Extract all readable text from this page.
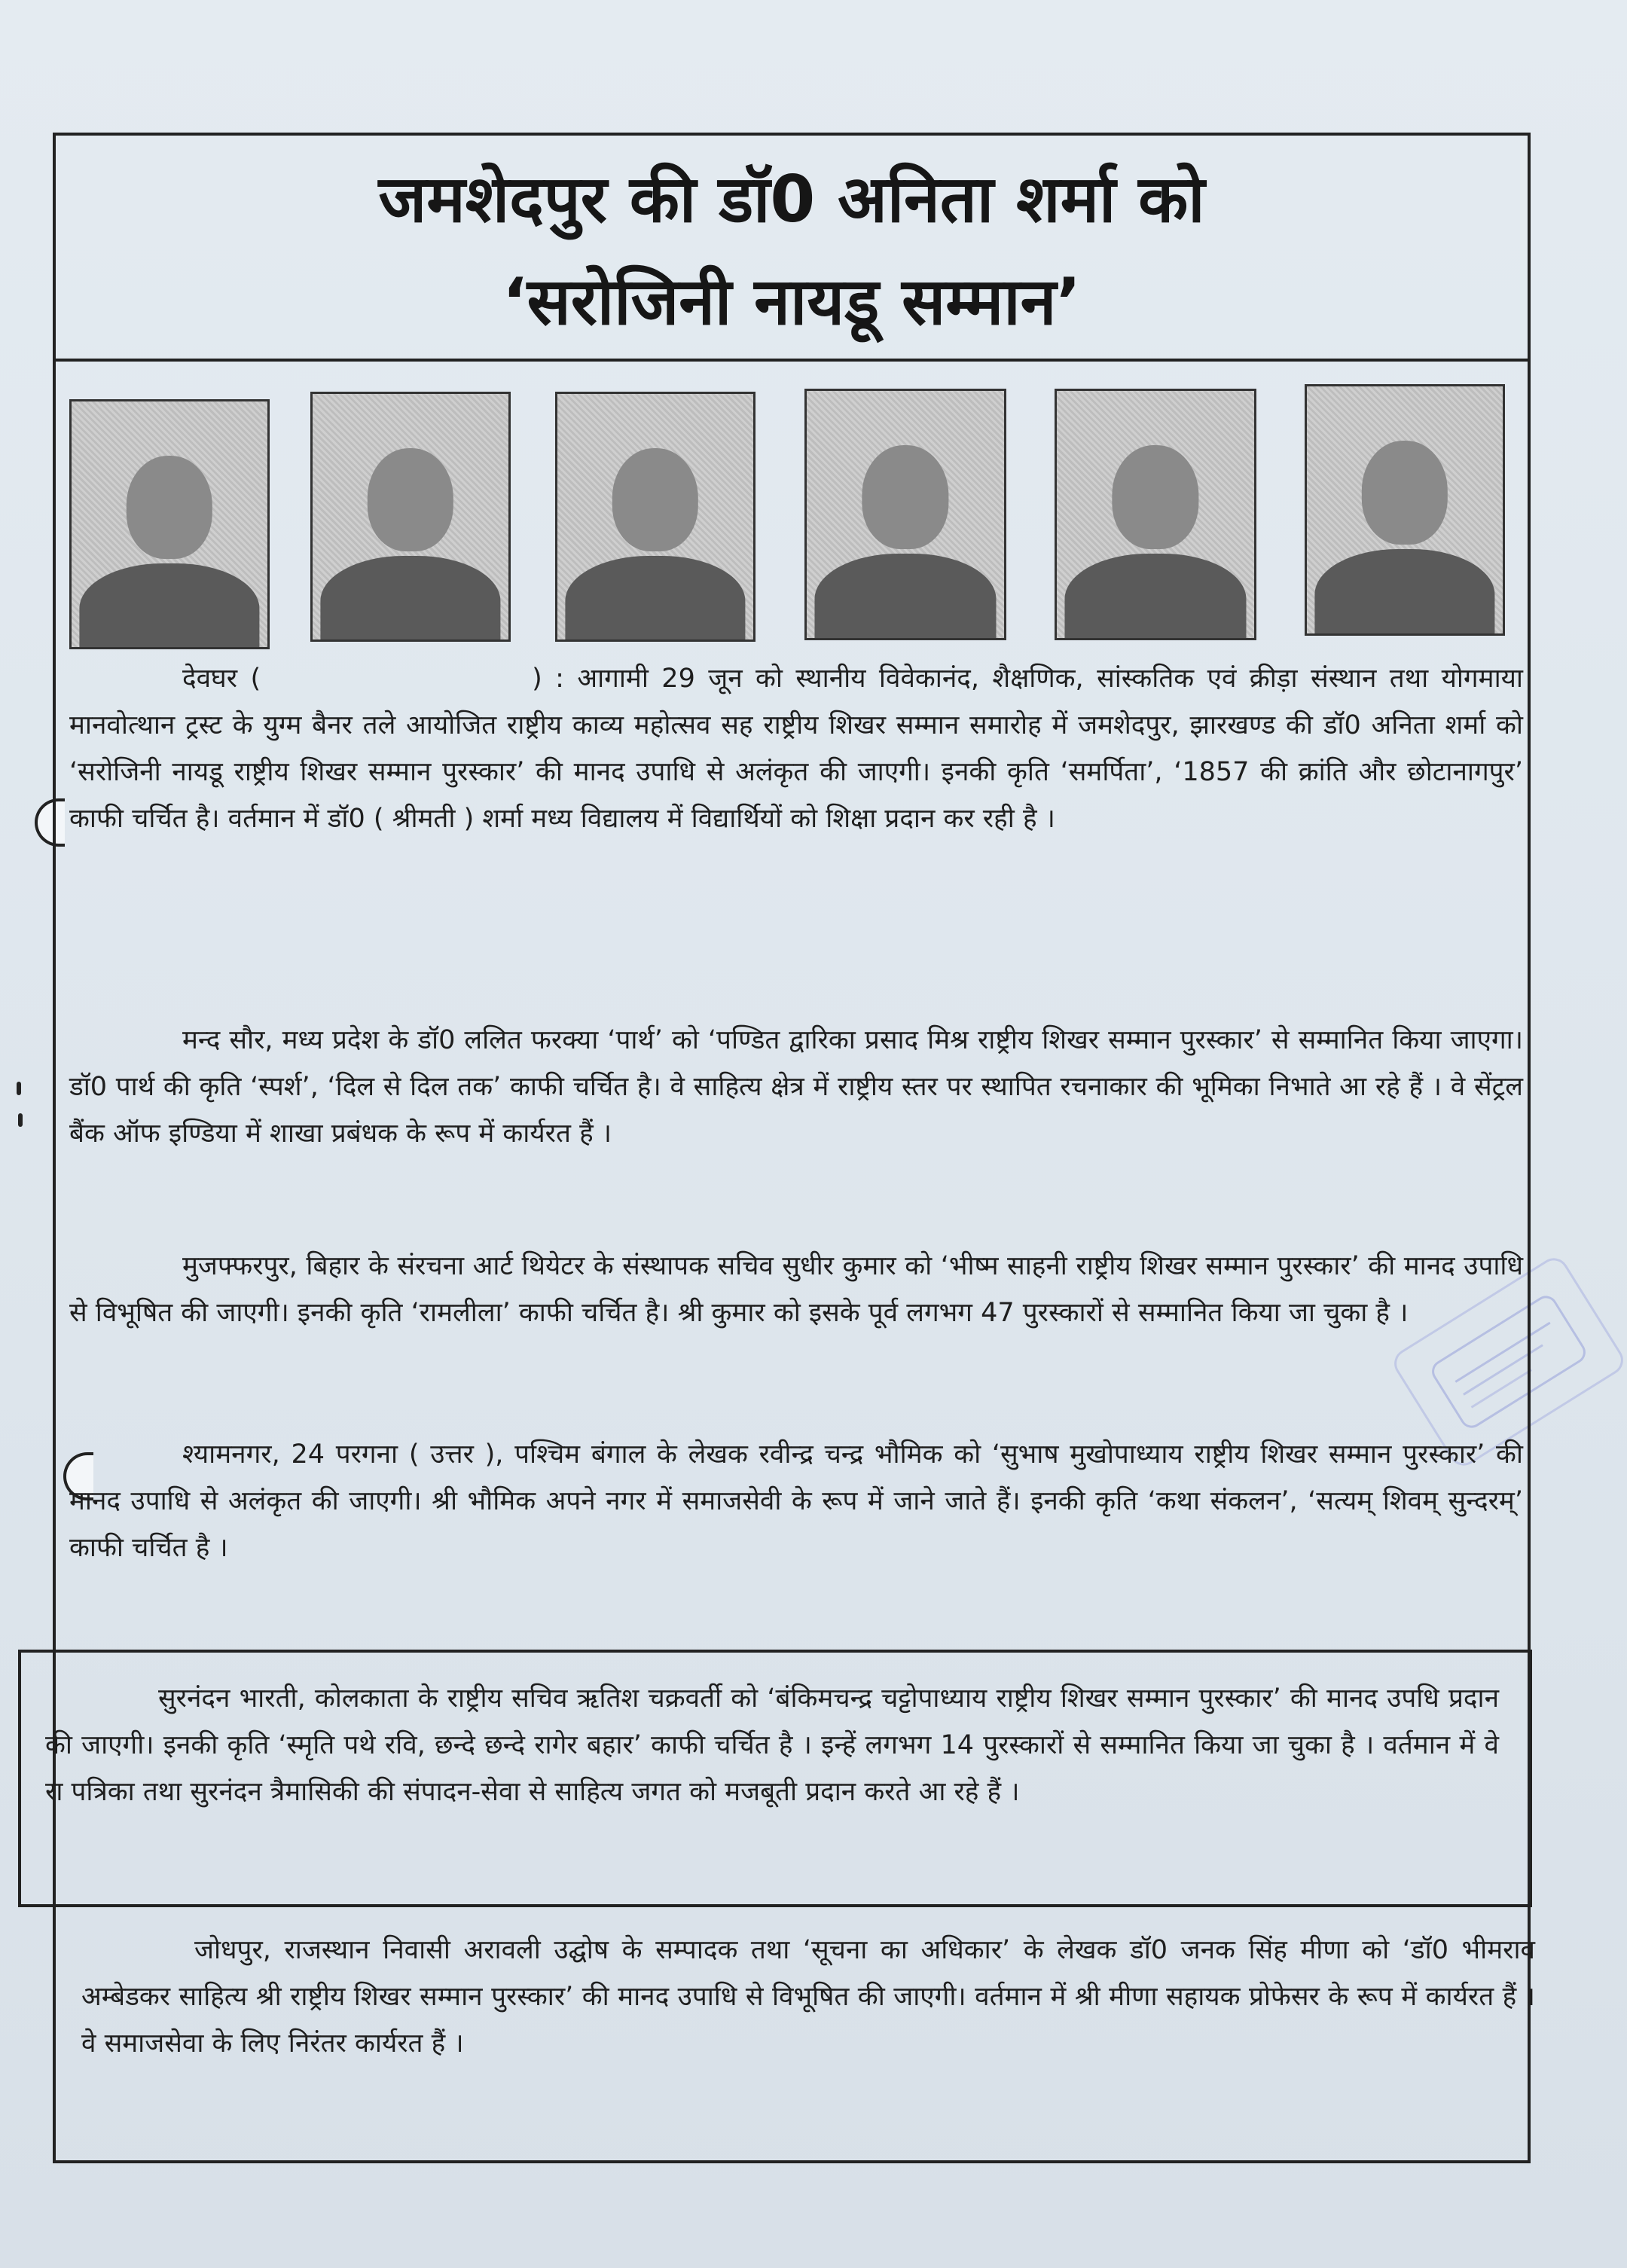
जमशेदपुर की डॉ0 अनिता शर्मा को
‘सरोजिनी नायडू सम्मान’

देवघर (	) : आगामी 29 जून को स्थानीय विवेकानंद, शैक्षणिक, सांस्कतिक एवं क्रीड़ा संस्थान तथा योगमाया मानवोत्थान ट्रस्ट के युग्म बैनर तले आयोजित राष्ट्रीय काव्य महोत्सव सह राष्ट्रीय शिखर सम्मान समारोह में जमशेदपुर, झारखण्ड की डॉ0 अनिता शर्मा को ‘सरोजिनी नायडू राष्ट्रीय शिखर सम्मान पुरस्कार’ की मानद उपाधि से अलंकृत की जाएगी। इनकी कृति ‘समर्पिता’, ‘1857 की क्रांति और छोटानागपुर’ काफी चर्चित है। वर्तमान में डॉ0 ( श्रीमती ) शर्मा मध्य विद्यालय में विद्यार्थियों को शिक्षा प्रदान कर रही है ।

मन्द सौर, मध्य प्रदेश के डॉ0 ललित फरक्या ‘पार्थ’ को ‘पण्डित द्वारिका प्रसाद मिश्र राष्ट्रीय शिखर सम्मान पुरस्कार’ से सम्मानित किया जाएगा। डॉ0 पार्थ की कृति ‘स्पर्श’, ‘दिल से दिल तक’ काफी चर्चित है। वे साहित्य क्षेत्र में राष्ट्रीय स्तर पर स्थापित रचनाकार की भूमिका निभाते आ रहे हैं । वे सेंट्रल बैंक ऑफ इण्डिया में शाखा प्रबंधक के रूप में कार्यरत हैं ।

मुजफ्फरपुर, बिहार के संरचना आर्ट थियेटर के संस्थापक सचिव सुधीर कुमार को ‘भीष्म साहनी राष्ट्रीय शिखर सम्मान पुरस्कार’ की मानद उपाधि से विभूषित की जाएगी। इनकी कृति ‘रामलीला’ काफी चर्चित है। श्री कुमार को इसके पूर्व लगभग 47 पुरस्कारों से सम्मानित किया जा चुका है ।

श्यामनगर, 24 परगना ( उत्तर ), पश्चिम बंगाल के लेखक रवीन्द्र चन्द्र भौमिक को ‘सुभाष मुखोपाध्याय राष्ट्रीय शिखर सम्मान पुरस्कार’ की मानद उपाधि से अलंकृत की जाएगी। श्री भौमिक अपने नगर में समाजसेवी के रूप में जाने जाते हैं। इनकी कृति ‘कथा संकलन’, ‘सत्यम् शिवम् सुन्दरम्’ काफी चर्चित है ।

सुरनंदन भारती, कोलकाता के राष्ट्रीय सचिव ऋतिश चक्रवर्ती को ‘बंकिमचन्द्र चट्टोपाध्याय राष्ट्रीय शिखर सम्मान पुरस्कार’ की मानद उपधि प्रदान की जाएगी। इनकी कृति ‘स्मृति पथे रवि, छन्दे छन्दे रागेर बहार’ काफी चर्चित है । इन्हें लगभग 14 पुरस्कारों से सम्मानित किया जा चुका है । वर्तमान में वे रा पत्रिका तथा सुरनंदन त्रैमासिकी की संपादन-सेवा से साहित्य जगत को मजबूती प्रदान करते आ रहे हैं ।

जोधपुर, राजस्थान निवासी अरावली उद्घोष के सम्पादक तथा ‘सूचना का अधिकार’ के लेखक डॉ0 जनक सिंह मीणा को ‘डॉ0 भीमराव अम्बेडकर साहित्य श्री राष्ट्रीय शिखर सम्मान पुरस्कार’ की मानद उपाधि से विभूषित की जाएगी। वर्तमान में श्री मीणा सहायक प्रोफेसर के रूप में कार्यरत हैं । वे समाजसेवा के लिए निरंतर कार्यरत हैं ।
